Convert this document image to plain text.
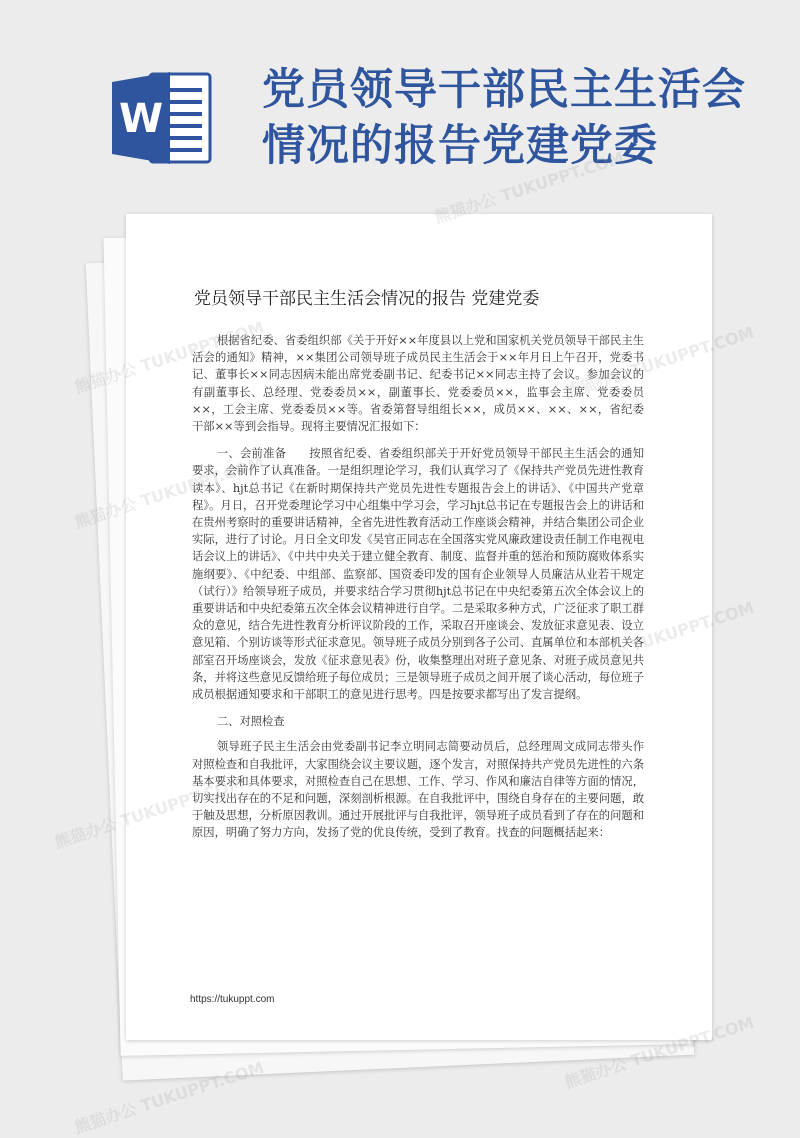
W
党员领导干部民主生活会情况的报告党建党委
党员领导干部民主生活会情况的报告 党建党委

根据省纪委、省委组织部《关于开好××年度县以上党和国家机关党员领导干部民主生活会的通知》精神，××集团公司领导班子成员民主生活会于××年月日上午召开，党委书记、董事长××同志因病未能出席党委副书记、纪委书记××同志主持了会议。参加会议的有副董事长、总经理、党委委员××，副董事长、党委委员××，监事会主席、党委委员××，工会主席、党委委员××等。省委第督导组组长××，成员××、××、××，省纪委干部××等到会指导。现将主要情况汇报如下：

一、会前准备　　按照省纪委、省委组织部关于开好党员领导干部民主生活会的通知要求，会前作了认真准备。一是组织理论学习，我们认真学习了《保持共产党员先进性教育读本》、hjt总书记《在新时期保持共产党员先进性专题报告会上的讲话》、《中国共产党章程》。月日，召开党委理论学习中心组集中学习会，学习hjt总书记在专题报告会上的讲话和在贵州考察时的重要讲话精神，全省先进性教育活动工作座谈会精神，并结合集团公司企业实际，进行了讨论。月日全文印发《吴官正同志在全国落实党风廉政建设责任制工作电视电话会议上的讲话》、《中共中央关于建立健全教育、制度、监督并重的惩治和预防腐败体系实施纲要》、《中纪委、中组部、监察部、国资委印发的国有企业领导人员廉洁从业若干规定（试行）》给领导班子成员，并要求结合学习贯彻hjt总书记在中央纪委第五次全体会议上的重要讲话和中央纪委第五次全体会议精神进行自学。二是采取多种方式，广泛征求了职工群众的意见，结合先进性教育分析评议阶段的工作，采取召开座谈会、发放征求意见表、设立意见箱、个别访谈等形式征求意见。领导班子成员分别到各子公司、直属单位和本部机关各部室召开场座谈会，发放《征求意见表》份，收集整理出对班子意见条、对班子成员意见共条，并将这些意见反馈给班子每位成员；三是领导班子成员之间开展了谈心活动，每位班子成员根据通知要求和干部职工的意见进行思考。四是按要求都写出了发言提纲。

二、对照检查

领导班子民主生活会由党委副书记李立明同志简要动员后，总经理周文成同志带头作对照检查和自我批评，大家围绕会议主要议题，逐个发言，对照保持共产党员先进性的六条基本要求和具体要求，对照检查自己在思想、工作、学习、作风和廉洁自律等方面的情况，切实找出存在的不足和问题，深刻剖析根源。在自我批评中，围绕自身存在的主要问题，敢于触及思想，分析原因教训。通过开展批评与自我批评，领导班子成员看到了存在的问题和原因，明确了努力方向，发扬了党的优良传统，受到了教育。找查的问题概括起来：

https://tukuppt.com
熊猫办公 TUKUPPT.COM
熊猫办公
熊猫办公
熊猫办公 TUKUPPT.COM
